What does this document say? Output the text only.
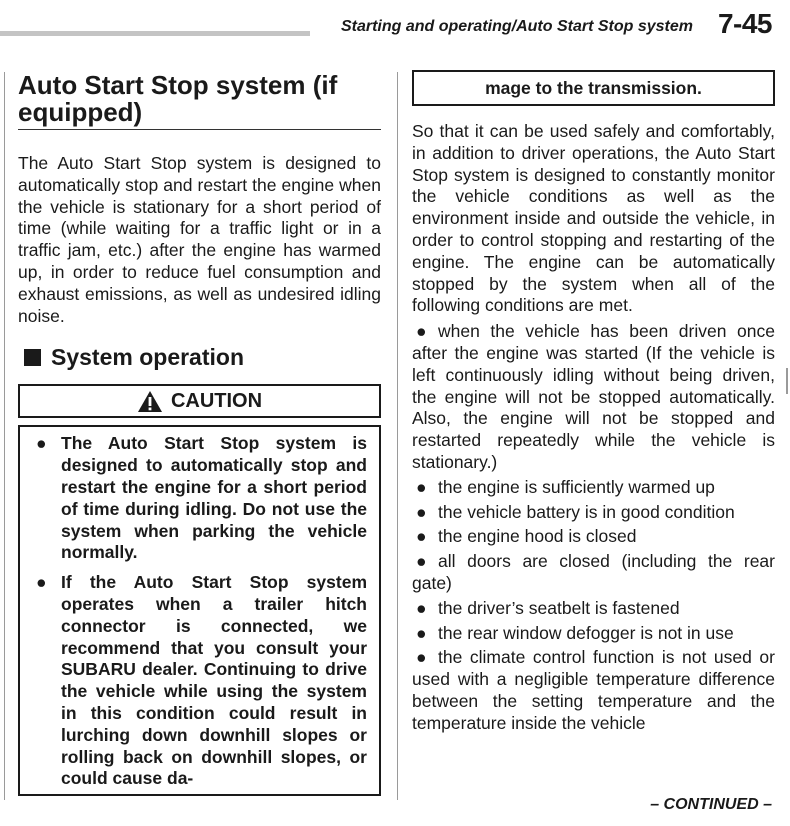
Starting and operating/Auto Start Stop system 7-45
Auto Start Stop system (if equipped)

The Auto Start Stop system is designed to automatically stop and restart the engine when the vehicle is stationary for a short period of time (while waiting for a traffic light or in a traffic jam, etc.) after the engine has warmed up, in order to reduce fuel consumption and exhaust emissions, as well as undesired idling noise.

System operation
CAUTION
● The Auto Start Stop system is designed to automatically stop and restart the engine for a short period of time during idling. Do not use the system when parking the vehicle normally.
● If the Auto Start Stop system operates when a trailer hitch connector is connected, we recommend that you consult your SUBARU dealer. Continuing to drive the vehicle while using the system in this condition could result in lurching down downhill slopes or rolling back on downhill slopes, or could cause da-
mage to the transmission.

So that it can be used safely and comfortably, in addition to driver operations, the Auto Start Stop system is designed to constantly monitor the vehicle conditions as well as the environment inside and outside the vehicle, in order to control stopping and restarting of the engine. The engine can be automatically stopped by the system when all of the following conditions are met.

● when the vehicle has been driven once after the engine was started (If the vehicle is left continuously idling without being driven, the engine will not be stopped automatically. Also, the engine will not be stopped and restarted repeatedly while the vehicle is stationary.)

● the engine is sufficiently warmed up

● the vehicle battery is in good condition

● the engine hood is closed

● all doors are closed (including the rear gate)

● the driver’s seatbelt is fastened

● the rear window defogger is not in use

● the climate control function is not used or used with a negligible temperature difference between the setting temperature and the temperature inside the vehicle

– CONTINUED –
